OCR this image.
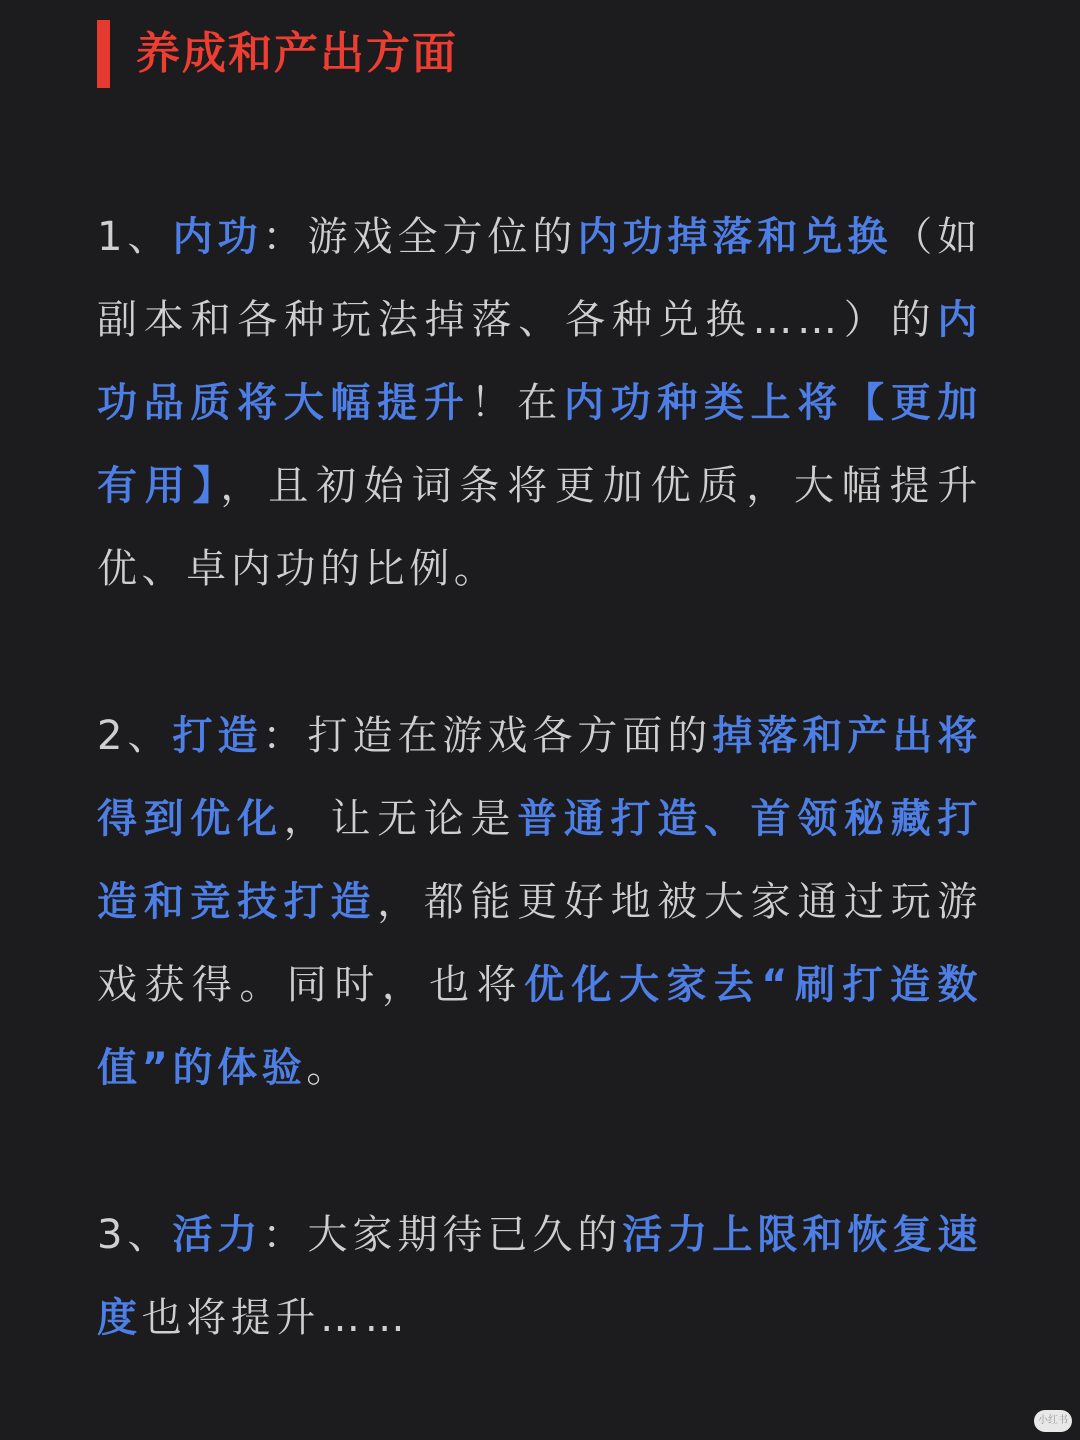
养成和产出方面

1、内功：游戏全方位的内功掉落和兑换（如副本和各种玩法掉落、各种兑换……）的内功品质将大幅提升！在内功种类上将【更加有用】，且初始词条将更加优质，大幅提升优、卓内功的比例。

2、打造：打造在游戏各方面的掉落和产出将得到优化，让无论是普通打造、首领秘藏打造和竞技打造，都能更好地被大家通过玩游戏获得。同时，也将优化大家去“刷打造数值”的体验。

3、活力：大家期待已久的活力上限和恢复速度也将提升……

小红书
